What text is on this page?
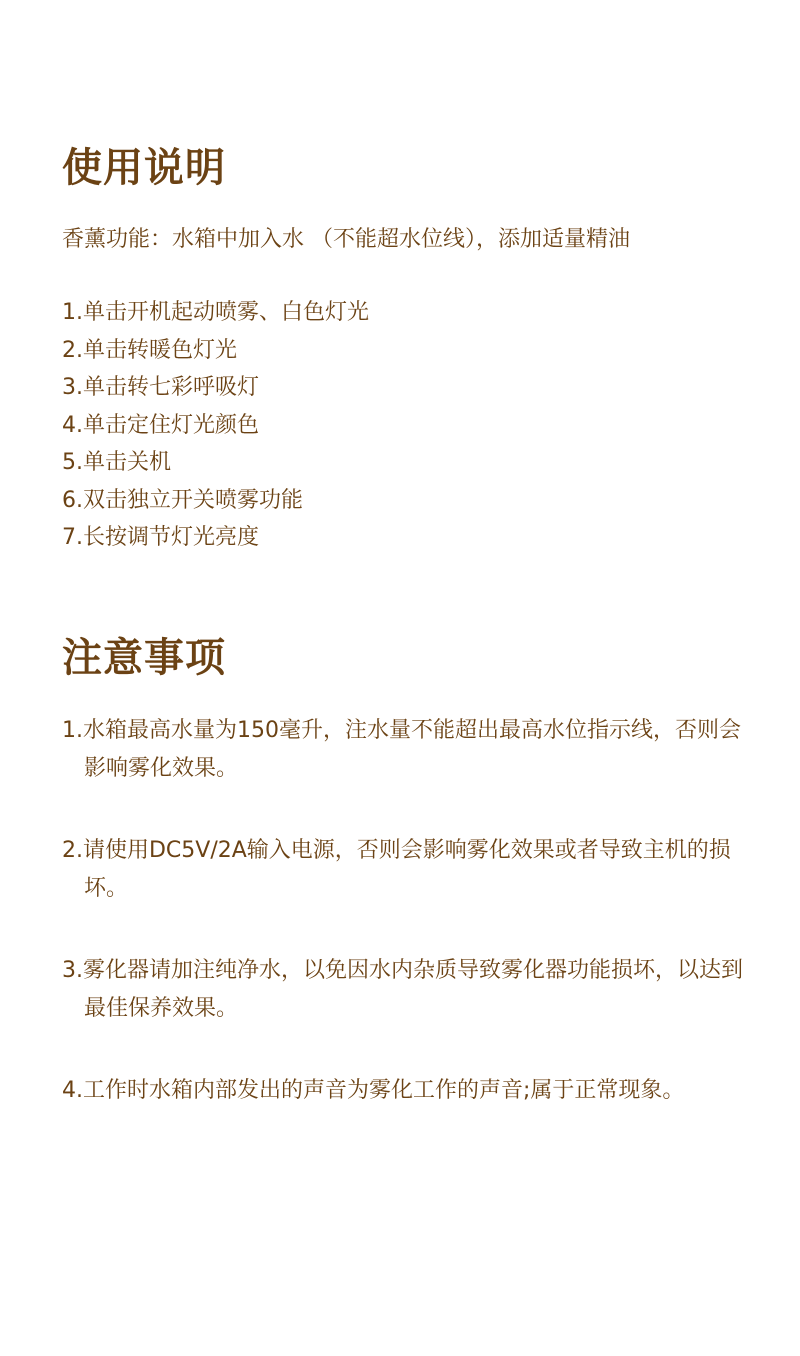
使用说明
香薰功能：水箱中加入水 （不能超水位线），添加适量精油
1.单击开机起动喷雾、白色灯光
2.单击转暖色灯光
3.单击转七彩呼吸灯
4.单击定住灯光颜色
5.单击关机
6.双击独立开关喷雾功能
7.长按调节灯光亮度
注意事项
1.水箱最高水量为150毫升，注水量不能超出最高水位指示线，否则会影响雾化效果。
2.请使用DC5V/2A输入电源，否则会影响雾化效果或者导致主机的损坏。
3.雾化器请加注纯净水，以免因水内杂质导致雾化器功能损坏，以达到最佳保养效果。
4.工作时水箱内部发出的声音为雾化工作的声音;属于正常现象。
